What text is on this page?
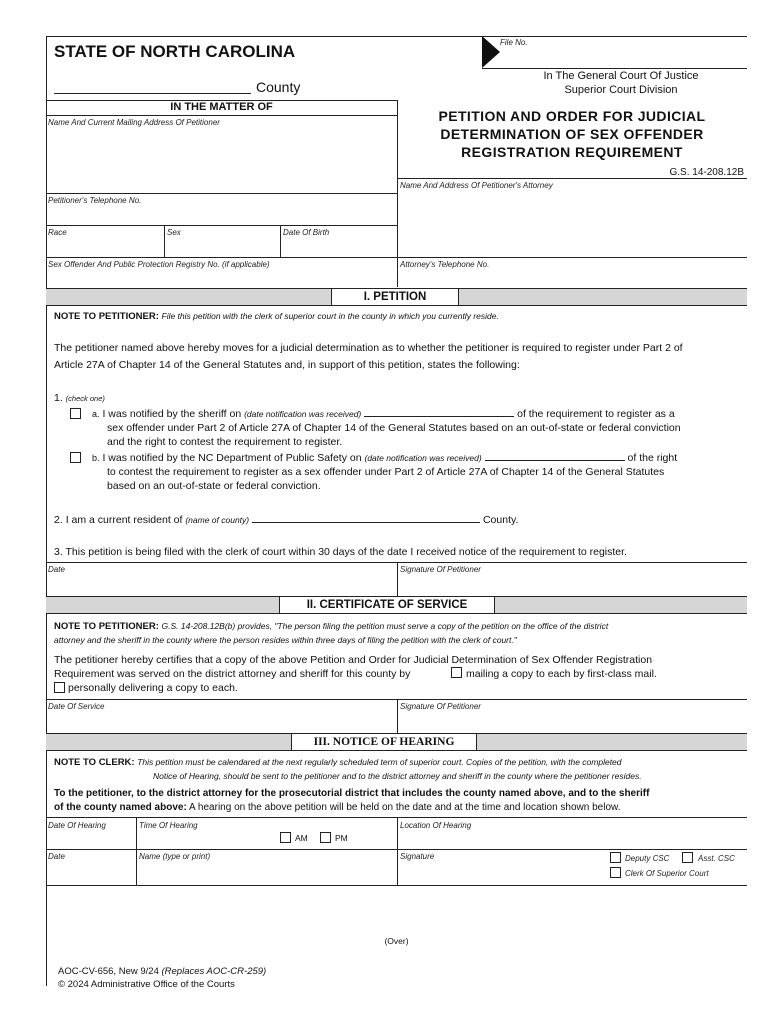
STATE OF NORTH CAROLINA	File No.
County
In The General Court Of Justice
Superior Court Division
IN THE MATTER OF
Name And Current Mailing Address Of Petitioner	PETITION AND ORDER FOR JUDICIAL
DETERMINATION OF SEX OFFENDER
REGISTRATION REQUIREMENT
G.S. 14-208.12B
Name And Address Of Petitioner's Attorney
Petitioner's Telephone No.
Race	Sex	Date Of Birth
Sex Offender And Public Protection Registry No. (if applicable)	Attorney's Telephone No.
I. PETITION
NOTE TO PETITIONER: File this petition with the clerk of superior court in the county in which you currently reside.
The petitioner named above hereby moves for a judicial determination as to whether the petitioner is required to register under Part 2 of
Article 27A of Chapter 14 of the General Statutes and, in support of this petition, states the following:
1. (check one)
a. I was notified by the sheriff on (date notification was received)	of the requirement to register as a
sex offender under Part 2 of Article 27A of Chapter 14 of the General Statutes based on an out-of-state or federal conviction
and the right to contest the requirement to register.
b. I was notified by the NC Department of Public Safety on (date notification was received)	of the right
to contest the requirement to register as a sex offender under Part 2 of Article 27A of Chapter 14 of the General Statutes
based on an out-of-state or federal conviction.
2. I am a current resident of (name of county)	County.
3. This petition is being filed with the clerk of court within 30 days of the date I received notice of the requirement to register.
Date	Signature Of Petitioner
II. CERTIFICATE OF SERVICE
NOTE TO PETITIONER: G.S. 14-208.12B(b) provides, "The person filing the petition must serve a copy of the petition on the office of the district
attorney and the sheriff in the county where the person resides within three days of filing the petition with the clerk of court."
The petitioner hereby certifies that a copy of the above Petition and Order for Judicial Determination of Sex Offender Registration
Requirement was served on the district attorney and sheriff for this county by	mailing a copy to each by first-class mail.
personally delivering a copy to each.
Date Of Service	Signature Of Petitioner
III. NOTICE OF HEARING
NOTE TO CLERK: This petition must be calendared at the next regularly scheduled term of superior court. Copies of the petition, with the completed
Notice of Hearing, should be sent to the petitioner and to the district attorney and sheriff in the county where the petitioner resides.
To the petitioner, to the district attorney for the prosecutorial district that includes the county named above, and to the sheriff
of the county named above: A hearing on the above petition will be held on the date and at the time and location shown below.
Date Of Hearing	Time Of Hearing	Location Of Hearing
AM	PM
Date	Name (type or print)	Signature	Deputy CSC	Asst. CSC
Clerk Of Superior Court
(Over)
AOC-CV-656, New 9/24 (Replaces AOC-CR-259)
© 2024 Administrative Office of the Courts
